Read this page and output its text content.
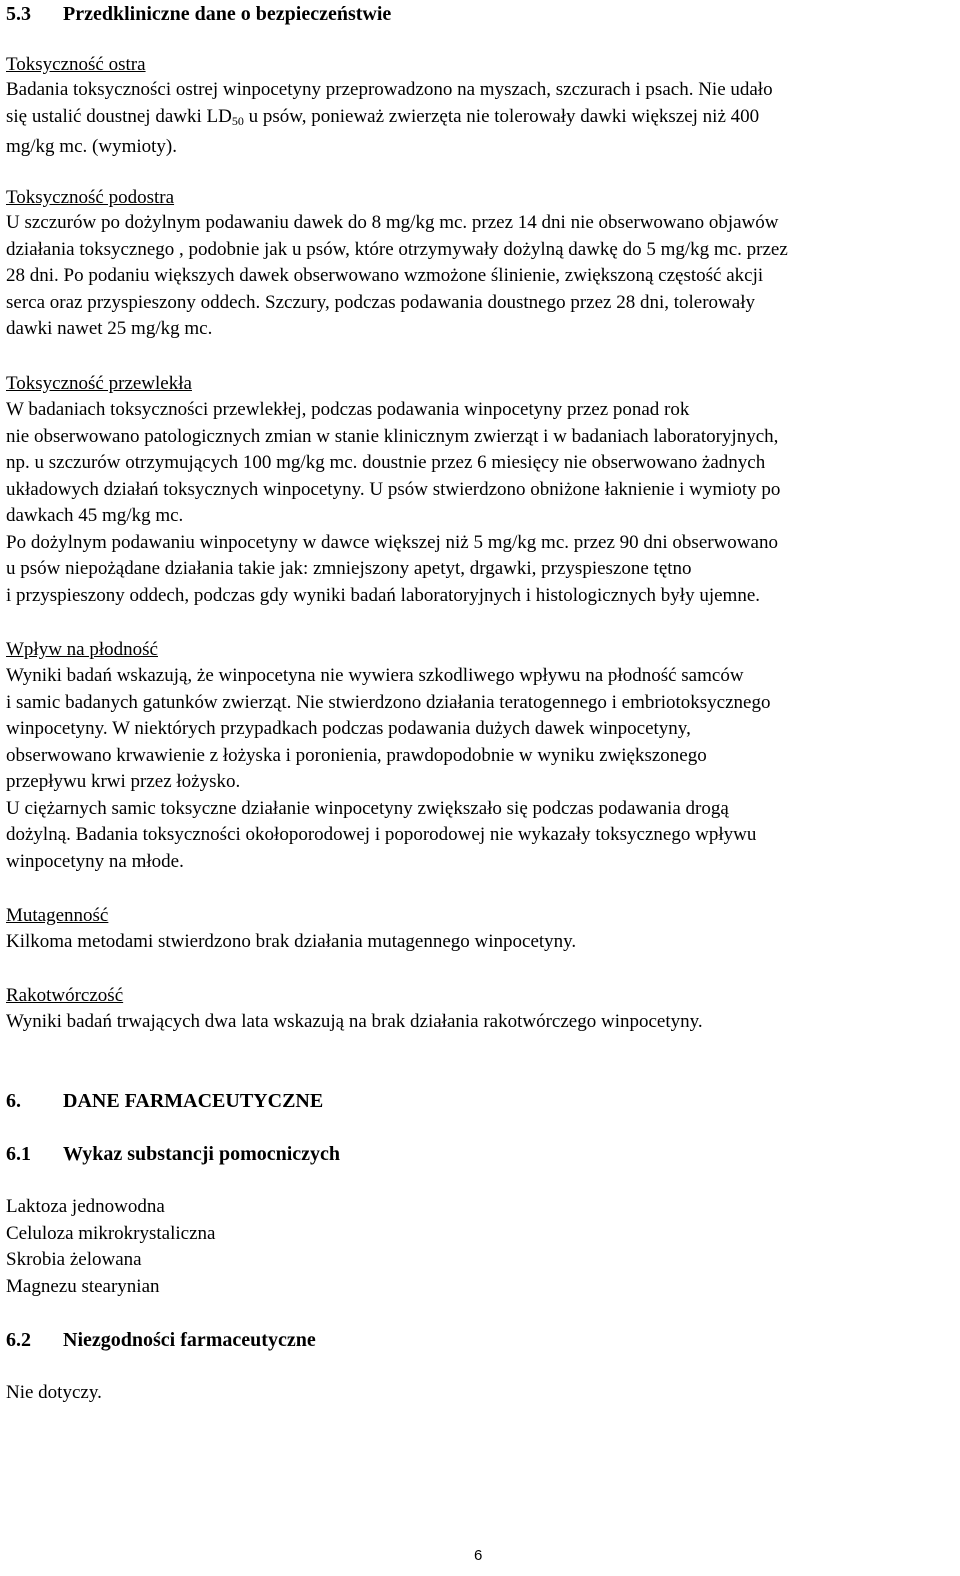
5.3 Przedkliniczne dane o bezpieczeństwie
Toksyczność ostra
Badania toksyczności ostrej winpocetyny przeprowadzono na myszach, szczurach i psach. Nie udało
się ustalić doustnej dawki LD50 u psów, ponieważ zwierzęta nie tolerowały dawki większej niż 400
mg/kg mc. (wymioty).
Toksyczność podostra
U szczurów po dożylnym podawaniu dawek do 8 mg/kg mc. przez 14 dni nie obserwowano objawów
działania toksycznego , podobnie jak u psów, które otrzymywały dożylną dawkę do 5 mg/kg mc. przez
28 dni. Po podaniu większych dawek obserwowano wzmożone ślinienie, zwiększoną częstość akcji
serca oraz przyspieszony oddech. Szczury, podczas podawania doustnego przez 28 dni, tolerowały
dawki nawet 25 mg/kg mc.
Toksyczność przewlekła
W badaniach toksyczności przewlekłej, podczas podawania winpocetyny przez ponad rok
nie obserwowano patologicznych zmian w stanie klinicznym zwierząt i w badaniach laboratoryjnych,
np. u szczurów otrzymujących 100 mg/kg mc. doustnie przez 6 miesięcy nie obserwowano żadnych
układowych działań toksycznych winpocetyny. U psów stwierdzono obniżone łaknienie i wymioty po
dawkach 45 mg/kg mc.
Po dożylnym podawaniu winpocetyny w dawce większej niż 5 mg/kg mc. przez 90 dni obserwowano
u psów niepożądane działania takie jak: zmniejszony apetyt, drgawki, przyspieszone tętno
i przyspieszony oddech, podczas gdy wyniki badań laboratoryjnych i histologicznych były ujemne.
Wpływ na płodność
Wyniki badań wskazują, że winpocetyna nie wywiera szkodliwego wpływu na płodność samców
i samic badanych gatunków zwierząt. Nie stwierdzono działania teratogennego i embriotoksycznego
winpocetyny. W niektórych przypadkach podczas podawania dużych dawek winpocetyny,
obserwowano krwawienie z łożyska i poronienia, prawdopodobnie w wyniku zwiększonego
przepływu krwi przez łożysko.
U ciężarnych samic toksyczne działanie winpocetyny zwiększało się podczas podawania drogą
dożylną. Badania toksyczności okołoporodowej i poporodowej nie wykazały toksycznego wpływu
winpocetyny na młode.
Mutagenność
Kilkoma metodami stwierdzono brak działania mutagennego winpocetyny.
Rakotwórczość
Wyniki badań trwających dwa lata wskazują na brak działania rakotwórczego winpocetyny.
6. DANE FARMACEUTYCZNE
6.1 Wykaz substancji pomocniczych
Laktoza jednowodna
Celuloza mikrokrystaliczna
Skrobia żelowana
Magnezu stearynian
6.2 Niezgodności farmaceutyczne
Nie dotyczy.
6
